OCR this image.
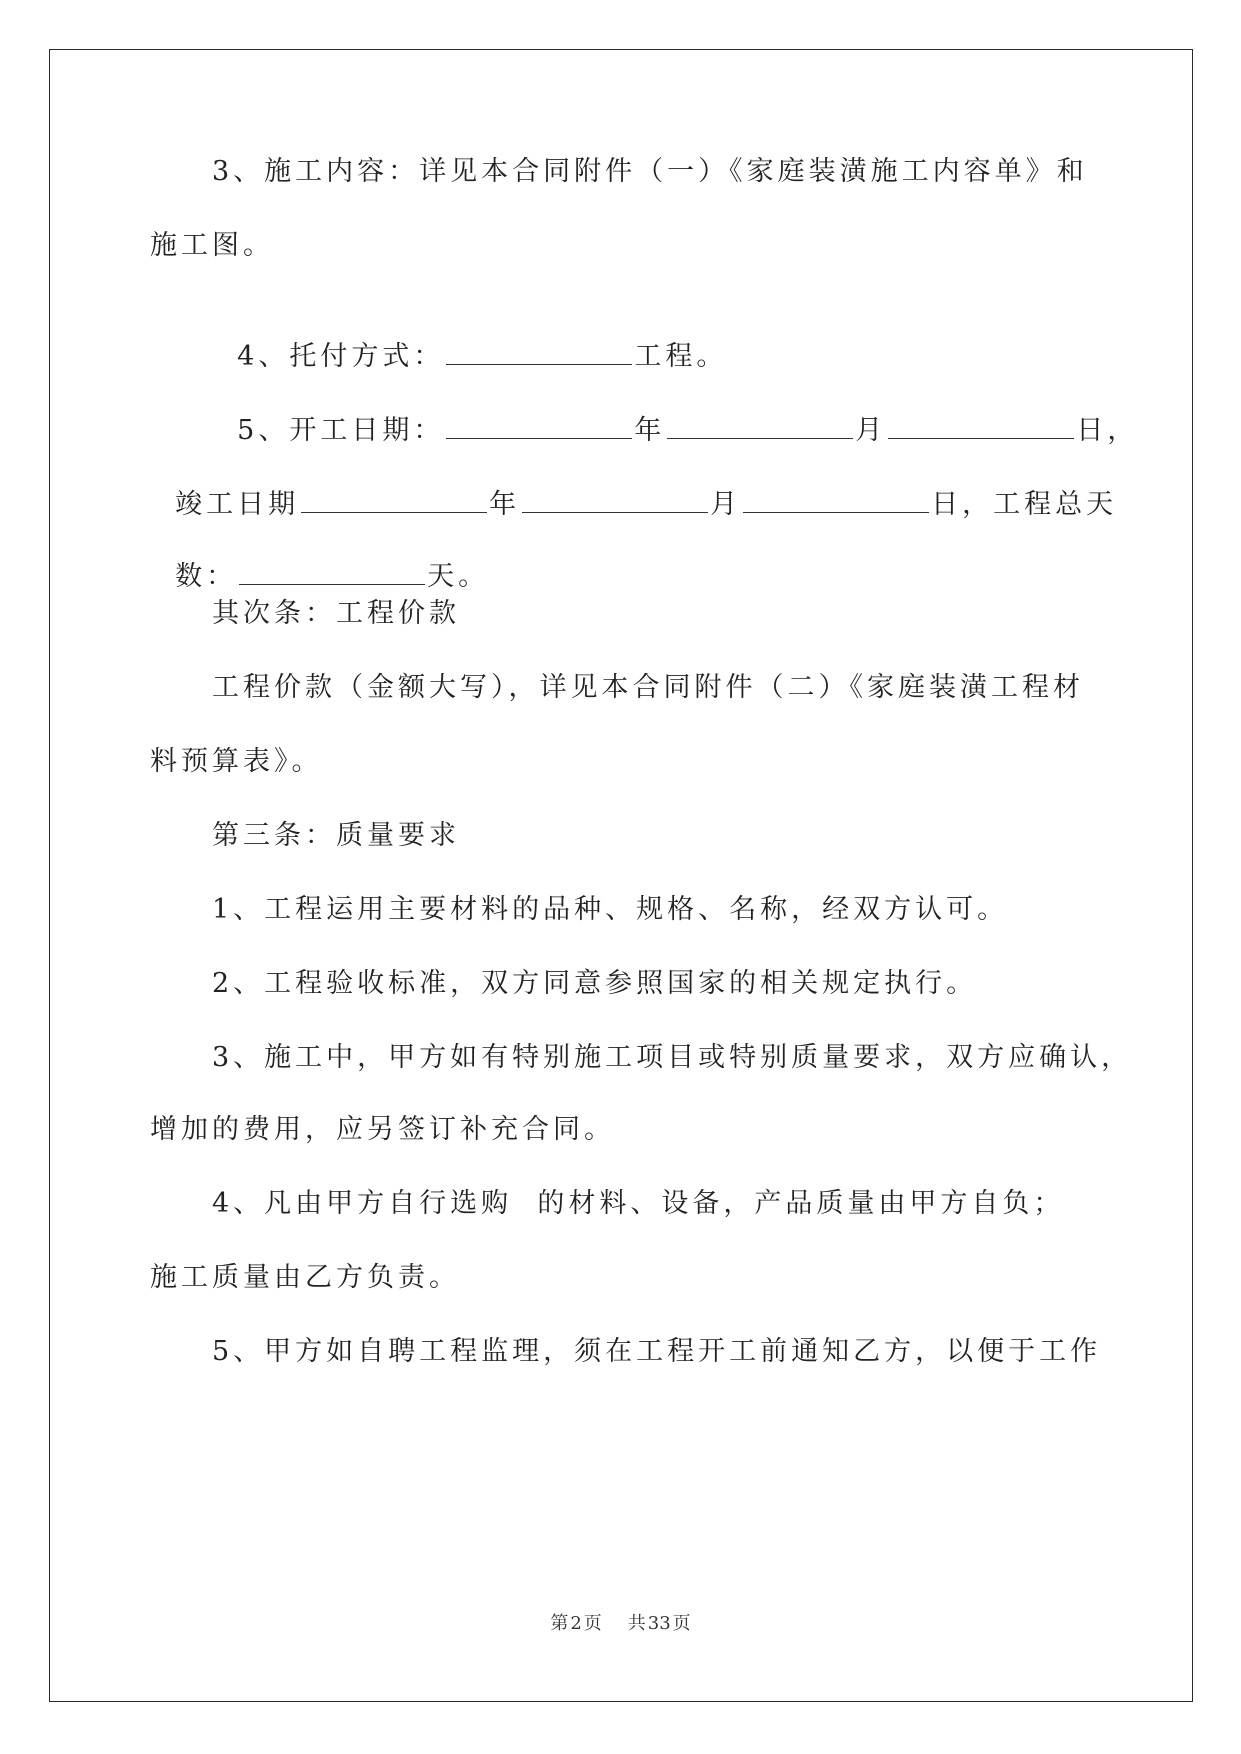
3、施工内容：详见本合同附件（一）《家庭装潢施工内容单》和
施工图。

4、托付方式：	工程。

5、开工日期：	年	月	日，

竣工日期	年	月	日，工程总天

数：	天。

其次条：工程价款
工程价款（金额大写），详见本合同附件（二）《家庭装潢工程材
料预算表》。
第三条：质量要求
1、工程运用主要材料的品种、规格、名称，经双方认可。
2、工程验收标准，双方同意参照国家的相关规定执行。
3、施工中，甲方如有特别施工项目或特别质量要求，双方应确认，
增加的费用，应另签订补充合同。
4、凡由甲方自行选购  的材料、设备，产品质量由甲方自负；
施工质量由乙方负责。
5、甲方如自聘工程监理，须在工程开工前通知乙方，以便于工作
第 2 页 共 33 页
